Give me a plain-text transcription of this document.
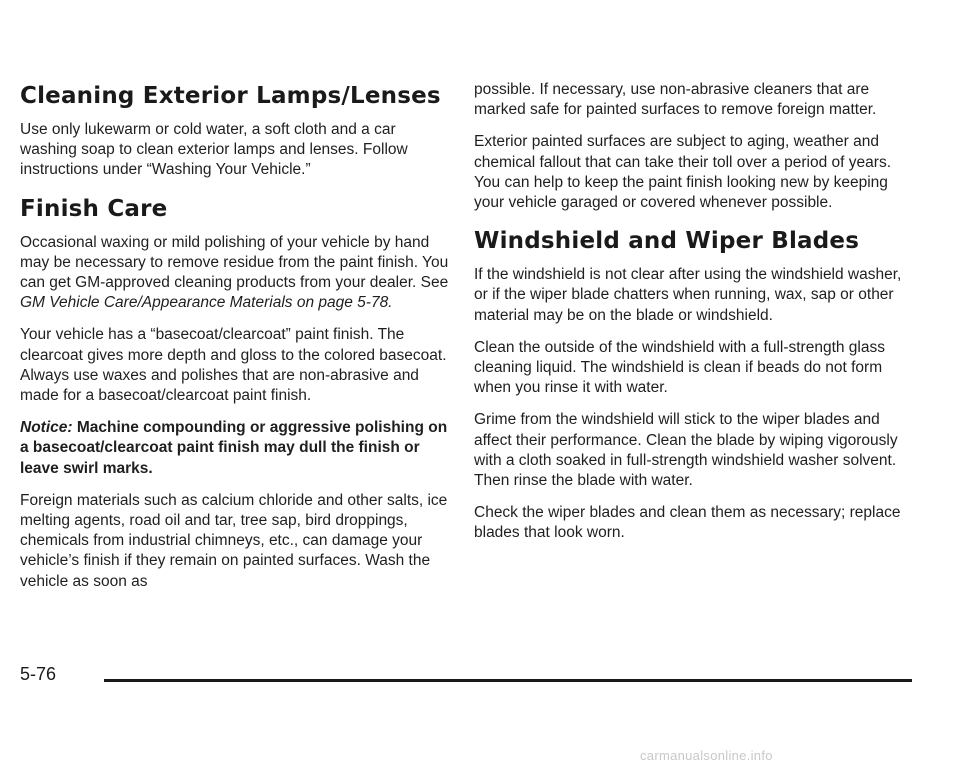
Cleaning Exterior Lamps/Lenses

Use only lukewarm or cold water, a soft cloth and a car washing soap to clean exterior lamps and lenses. Follow instructions under “Washing Your Vehicle.”

Finish Care

Occasional waxing or mild polishing of your vehicle by hand may be necessary to remove residue from the paint finish. You can get GM-approved cleaning products from your dealer. See GM Vehicle Care/Appearance Materials on page 5-78.

Your vehicle has a “basecoat/clearcoat” paint finish. The clearcoat gives more depth and gloss to the colored basecoat. Always use waxes and polishes that are non-abrasive and made for a basecoat/clearcoat paint finish.

Notice: Machine compounding or aggressive polishing on a basecoat/clearcoat paint finish may dull the finish or leave swirl marks.

Foreign materials such as calcium chloride and other salts, ice melting agents, road oil and tar, tree sap, bird droppings, chemicals from industrial chimneys, etc., can damage your vehicle’s finish if they remain on painted surfaces. Wash the vehicle as soon as

possible. If necessary, use non-abrasive cleaners that are marked safe for painted surfaces to remove foreign matter.

Exterior painted surfaces are subject to aging, weather and chemical fallout that can take their toll over a period of years. You can help to keep the paint finish looking new by keeping your vehicle garaged or covered whenever possible.

Windshield and Wiper Blades

If the windshield is not clear after using the windshield washer, or if the wiper blade chatters when running, wax, sap or other material may be on the blade or windshield.

Clean the outside of the windshield with a full-strength glass cleaning liquid. The windshield is clean if beads do not form when you rinse it with water.

Grime from the windshield will stick to the wiper blades and affect their performance. Clean the blade by wiping vigorously with a cloth soaked in full-strength windshield washer solvent. Then rinse the blade with water.

Check the wiper blades and clean them as necessary; replace blades that look worn.

5-76
carmanualsonline.info
